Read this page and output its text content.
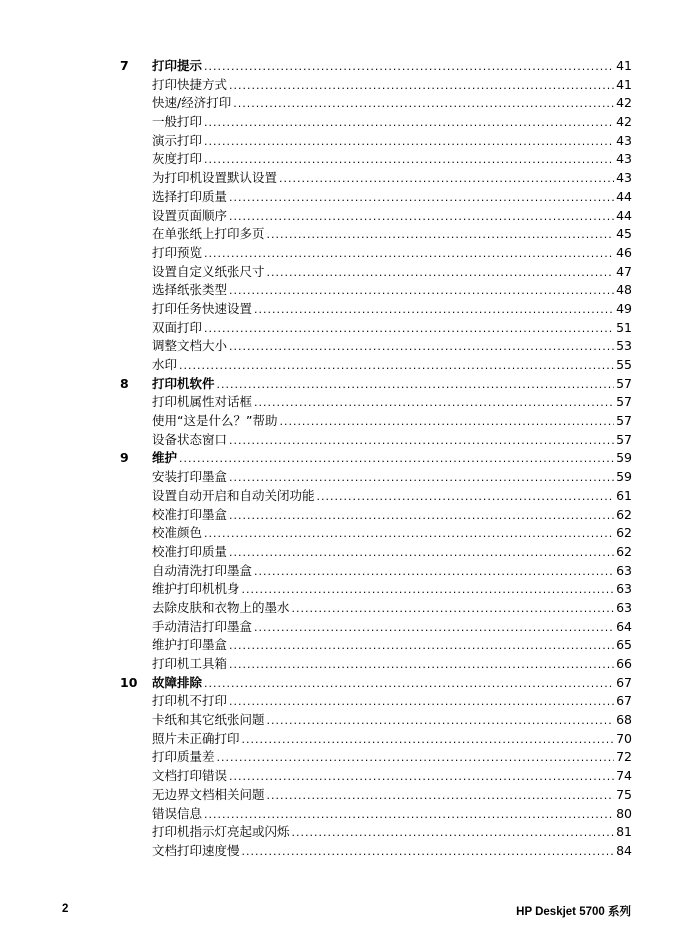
7	打印提示 .....	41
打印快捷方式 .....	41
快速/经济打印 .....	42
一般打印 .....	42
演示打印 .....	43
灰度打印 .....	43
为打印机设置默认设置 .....	43
选择打印质量 .....	44
设置页面顺序 .....	44
在单张纸上打印多页 .....	45
打印预览 .....	46
设置自定义纸张尺寸 .....	47
选择纸张类型 .....	48
打印任务快速设置 .....	49
双面打印 .....	51
调整文档大小 .....	53
水印 .....	55
8	打印机软件 .....	57
打印机属性对话框 .....	57
使用“这是什么？”帮助 .....	57
设备状态窗口 .....	57
9	维护 .....	59
安装打印墨盒 .....	59
设置自动开启和自动关闭功能 .....	61
校准打印墨盒 .....	62
校准颜色 .....	62
校准打印质量 .....	62
自动清洗打印墨盒 .....	63
维护打印机机身 .....	63
去除皮肤和衣物上的墨水 .....	63
手动清洁打印墨盒 .....	64
维护打印墨盒 .....	65
打印机工具箱 .....	66
10	故障排除 .....	67
打印机不打印 .....	67
卡纸和其它纸张问题 .....	68
照片未正确打印 .....	70
打印质量差 .....	72
文档打印错误 .....	74
无边界文档相关问题 .....	75
错误信息 .....	80
打印机指示灯亮起或闪烁 .....	81
文档打印速度慢 .....	84
2	HP Deskjet 5700 系列
